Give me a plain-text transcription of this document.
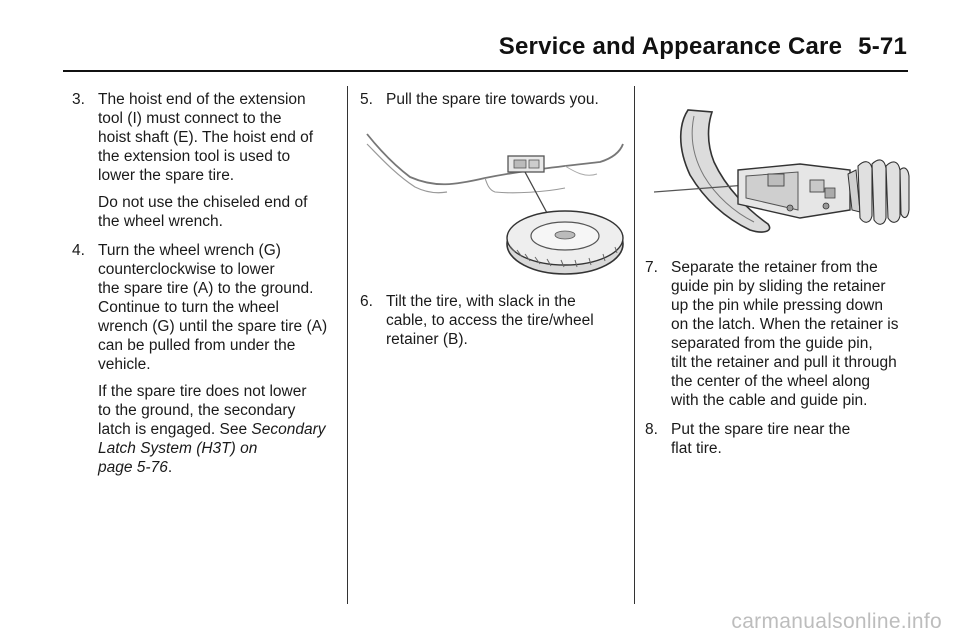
Service and Appearance Care 5-71
3. The hoist end of the extension
tool (I) must connect to the
hoist shaft (E). The hoist end of
the extension tool is used to
lower the spare tire.
Do not use the chiseled end of
the wheel wrench.
4. Turn the wheel wrench (G)
counterclockwise to lower
the spare tire (A) to the ground.
Continue to turn the wheel
wrench (G) until the spare tire (A)
can be pulled from under the
vehicle.
If the spare tire does not lower
to the ground, the secondary
latch is engaged. See Secondary
Latch System (H3T) on
page 5-76.
5. Pull the spare tire towards you.
6. Tilt the tire, with slack in the
cable, to access the tire/wheel
retainer (B).
7. Separate the retainer from the
guide pin by sliding the retainer
up the pin while pressing down
on the latch. When the retainer is
separated from the guide pin,
tilt the retainer and pull it through
the center of the wheel along
with the cable and guide pin.
8. Put the spare tire near the
flat tire.
carmanualsonline.info
